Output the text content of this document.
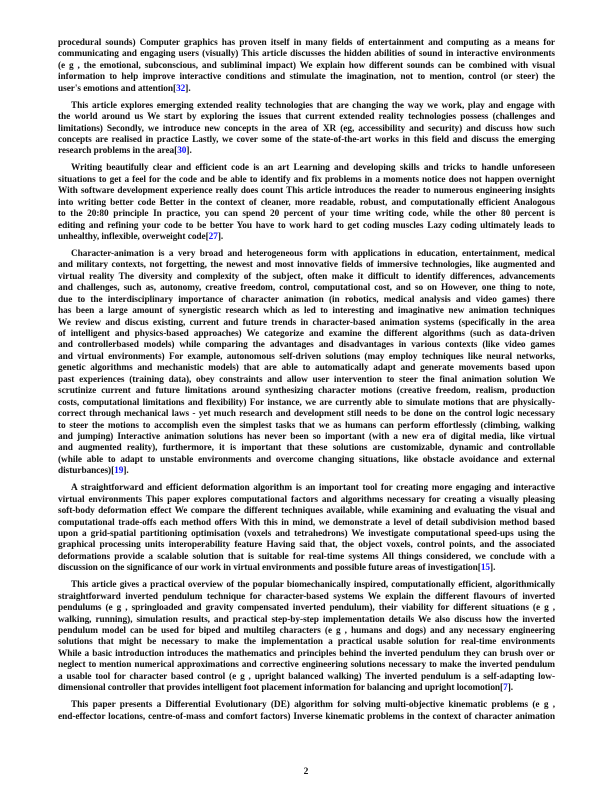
procedural sounds) Computer graphics has proven itself in many fields of entertainment and computing as a means for
communicating and engaging users (visually) This article discusses the hidden abilities of sound in interactive environments
(e g , the emotional, subconscious, and subliminal impact) We explain how different sounds can be combined with visual
information to help improve interactive conditions and stimulate the imagination, not to mention, control (or steer) the
user's emotions and attention[32].
This article explores emerging extended reality technologies that are changing the way we work, play and engage with
the world around us We start by exploring the issues that current extended reality technologies possess (challenges and
limitations) Secondly, we introduce new concepts in the area of XR (eg, accessibility and security) and discuss how such
concepts are realised in practice Lastly, we cover some of the state-of-the-art works in this field and discuss the emerging
research problems in the area[30].
Writing beautifully clear and efficient code is an art Learning and developing skills and tricks to handle unforeseen
situations to get a feel for the code and be able to identify and fix problems in a moments notice does not happen overnight
With software development experience really does count This article introduces the reader to numerous engineering insights
into writing better code Better in the context of cleaner, more readable, robust, and computationally efficient Analogous
to the 20:80 principle In practice, you can spend 20 percent of your time writing code, while the other 80 percent is
editing and refining your code to be better You have to work hard to get coding muscles Lazy coding ultimately leads to
unhealthy, inflexible, overweight code[27].
Character-animation is a very broad and heterogeneous form with applications in education, entertainment, medical
and military contexts, not forgetting, the newest and most innovative fields of immersive technologies, like augmented and
virtual reality The diversity and complexity of the subject, often make it difficult to identify differences, advancements
and challenges, such as, autonomy, creative freedom, control, computational cost, and so on However, one thing to note,
due to the interdisciplinary importance of character animation (in robotics, medical analysis and video games) there
has been a large amount of synergistic research which as led to interesting and imaginative new animation techniques
We review and discus existing, current and future trends in character-based animation systems (specifically in the area
of intelligent and physics-based approaches) We categorize and examine the different algorithms (such as data-driven
and controllerbased models) while comparing the advantages and disadvantages in various contexts (like video games
and virtual environments) For example, autonomous self-driven solutions (may employ techniques like neural networks,
genetic algorithms and mechanistic models) that are able to automatically adapt and generate movements based upon
past experiences (training data), obey constraints and allow user intervention to steer the final animation solution We
scrutinize current and future limitations around synthesizing character motions (creative freedom, realism, production
costs, computational limitations and flexibility) For instance, we are currently able to simulate motions that are physically-
correct through mechanical laws - yet much research and development still needs to be done on the control logic necessary
to steer the motions to accomplish even the simplest tasks that we as humans can perform effortlessly (climbing, walking
and jumping) Interactive animation solutions has never been so important (with a new era of digital media, like virtual
and augmented reality), furthermore, it is important that these solutions are customizable, dynamic and controllable
(while able to adapt to unstable environments and overcome changing situations, like obstacle avoidance and external
disturbances)[19].
A straightforward and efficient deformation algorithm is an important tool for creating more engaging and interactive
virtual environments This paper explores computational factors and algorithms necessary for creating a visually pleasing
soft-body deformation effect We compare the different techniques available, while examining and evaluating the visual and
computational trade-offs each method offers With this in mind, we demonstrate a level of detail subdivision method based
upon a grid-spatial partitioning optimisation (voxels and tetrahedrons) We investigate computational speed-ups using the
graphical processing units interoperability feature Having said that, the object voxels, control points, and the associated
deformations provide a scalable solution that is suitable for real-time systems All things considered, we conclude with a
discussion on the significance of our work in virtual environments and possible future areas of investigation[15].
This article gives a practical overview of the popular biomechanically inspired, computationally efficient, algorithmically
straightforward inverted pendulum technique for character-based systems We explain the different flavours of inverted
pendulums (e g , springloaded and gravity compensated inverted pendulum), their viability for different situations (e g ,
walking, running), simulation results, and practical step-by-step implementation details We also discuss how the inverted
pendulum model can be used for biped and multileg characters (e g , humans and dogs) and any necessary engineering
solutions that might be necessary to make the implementation a practical usable solution for real-time environments
While a basic introduction introduces the mathematics and principles behind the inverted pendulum they can brush over or
neglect to mention numerical approximations and corrective engineering solutions necessary to make the inverted pendulum
a usable tool for character based control (e g , upright balanced walking) The inverted pendulum is a self-adapting low-
dimensional controller that provides intelligent foot placement information for balancing and upright locomotion[7].
This paper presents a Differential Evolutionary (DE) algorithm for solving multi-objective kinematic problems (e g ,
end-effector locations, centre-of-mass and comfort factors) Inverse kinematic problems in the context of character animation
2
